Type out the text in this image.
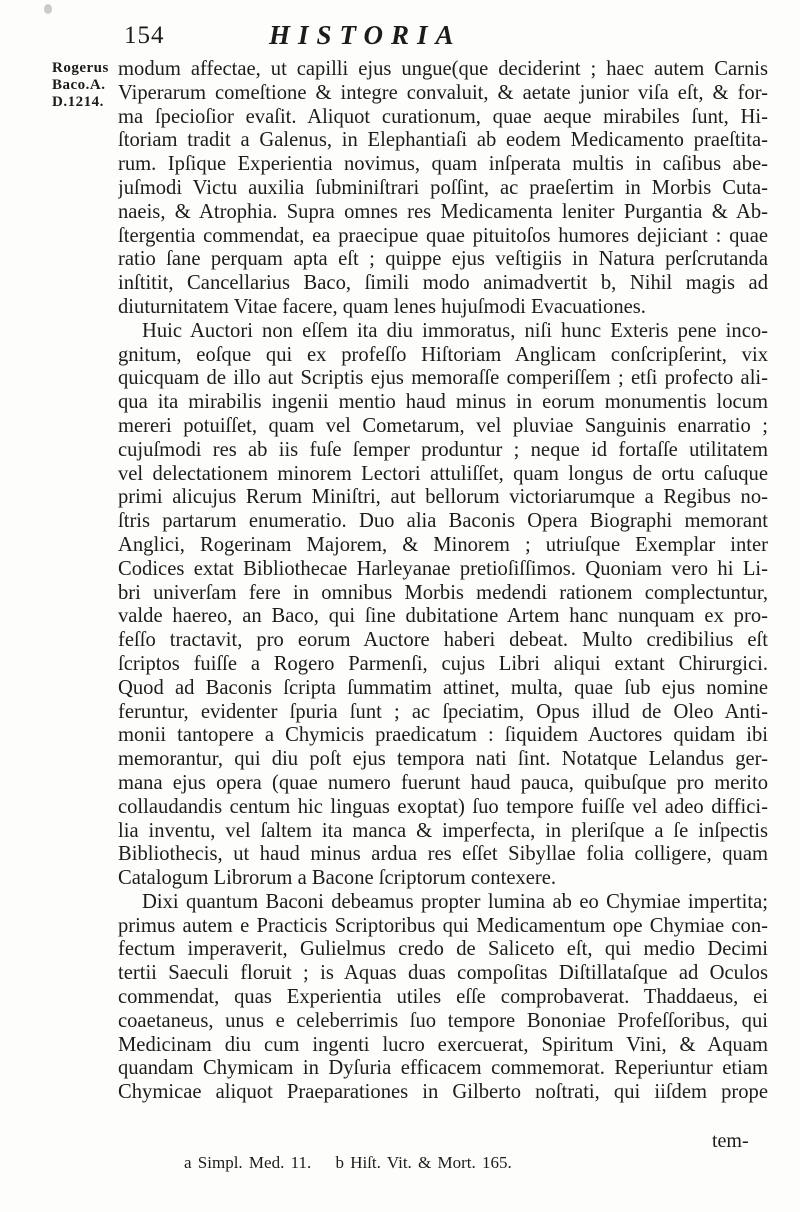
154	HISTORIA
Rogerus
Baco.A.
D.1214.
modum affectae, ut capilli ejus ungue(que deciderint ; haec autem Carnis
Viperarum comeſtione & integre convaluit, & aetate junior viſa eſt, & for-
ma ſpecioſior evaſit. Aliquot curationum, quae aeque mirabiles ſunt, Hi-
ſtoriam tradit a Galenus, in Elephantiaſi ab eodem Medicamento praeſtita-
rum. Ipſique Experientia novimus, quam inſperata multis in caſibus abe-
juſmodi Victu auxilia ſubminiſtrari poſſint, ac praeſertim in Morbis Cuta-
naeis, & Atrophia. Supra omnes res Medicamenta leniter Purgantia & Ab-
ſtergentia commendat, ea praecipue quae pituitoſos humores dejiciant : quae
ratio ſane perquam apta eſt ; quippe ejus veſtigiis in Natura perſcrutanda
inſtitit, Cancellarius Baco, ſimili modo animadvertit b, Nihil magis ad
diuturnitatem Vitae facere, quam lenes hujuſmodi Evacuationes.
Huic Auctori non eſſem ita diu immoratus, niſi hunc Exteris pene inco-
gnitum, eoſque qui ex profeſſo Hiſtoriam Anglicam conſcripſerint, vix
quicquam de illo aut Scriptis ejus memoraſſe comperiſſem ; etſi profecto ali-
qua ita mirabilis ingenii mentio haud minus in eorum monumentis locum
mereri potuiſſet, quam vel Cometarum, vel pluviae Sanguinis enarratio ;
cujuſmodi res ab iis fuſe ſemper produntur ; neque id fortaſſe utilitatem
vel delectationem minorem Lectori attuliſſet, quam longus de ortu caſuque
primi alicujus Rerum Miniſtri, aut bellorum victoriarumque a Regibus no-
ſtris partarum enumeratio. Duo alia Baconis Opera Biographi memorant
Anglici, Rogerinam Majorem, & Minorem ; utriuſque Exemplar inter
Codices extat Bibliothecae Harleyanae pretioſiſſimos. Quoniam vero hi Li-
bri univerſam fere in omnibus Morbis medendi rationem complectuntur,
valde haereo, an Baco, qui ſine dubitatione Artem hanc nunquam ex pro-
feſſo tractavit, pro eorum Auctore haberi debeat. Multo credibilius eſt
ſcriptos fuiſſe a Rogero Parmenſi, cujus Libri aliqui extant Chirurgici.
Quod ad Baconis ſcripta ſummatim attinet, multa, quae ſub ejus nomine
feruntur, evidenter ſpuria ſunt ; ac ſpeciatim, Opus illud de Oleo Anti-
monii tantopere a Chymicis praedicatum : ſiquidem Auctores quidam ibi
memorantur, qui diu poſt ejus tempora nati ſint. Notatque Lelandus ger-
mana ejus opera (quae numero fuerunt haud pauca, quibuſque pro merito
collaudandis centum hic linguas exoptat) ſuo tempore fuiſſe vel adeo diffici-
lia inventu, vel ſaltem ita manca & imperfecta, in pleriſque a ſe inſpectis
Bibliothecis, ut haud minus ardua res eſſet Sibyllae folia colligere, quam
Catalogum Librorum a Bacone ſcriptorum contexere.
Dixi quantum Baconi debeamus propter lumina ab eo Chymiae impertita;
primus autem e Practicis Scriptoribus qui Medicamentum ope Chymiae con-
fectum imperaverit, Gulielmus credo de Saliceto eſt, qui medio Decimi
tertii Saeculi floruit ; is Aquas duas compoſitas Diſtillataſque ad Oculos
commendat, quas Experientia utiles eſſe comprobaverat. Thaddaeus, ei
coaetaneus, unus e celeberrimis ſuo tempore Bononiae Profeſſoribus, qui
Medicinam diu cum ingenti lucro exercuerat, Spiritum Vini, & Aquam
quandam Chymicam in Dyſuria efficacem commemorat. Reperiuntur etiam
Chymicae aliquot Praeparationes in Gilberto noſtrati, qui iiſdem prope
tem-
a Simpl. Med. 11. b Hiſt. Vit. & Mort. 165.
